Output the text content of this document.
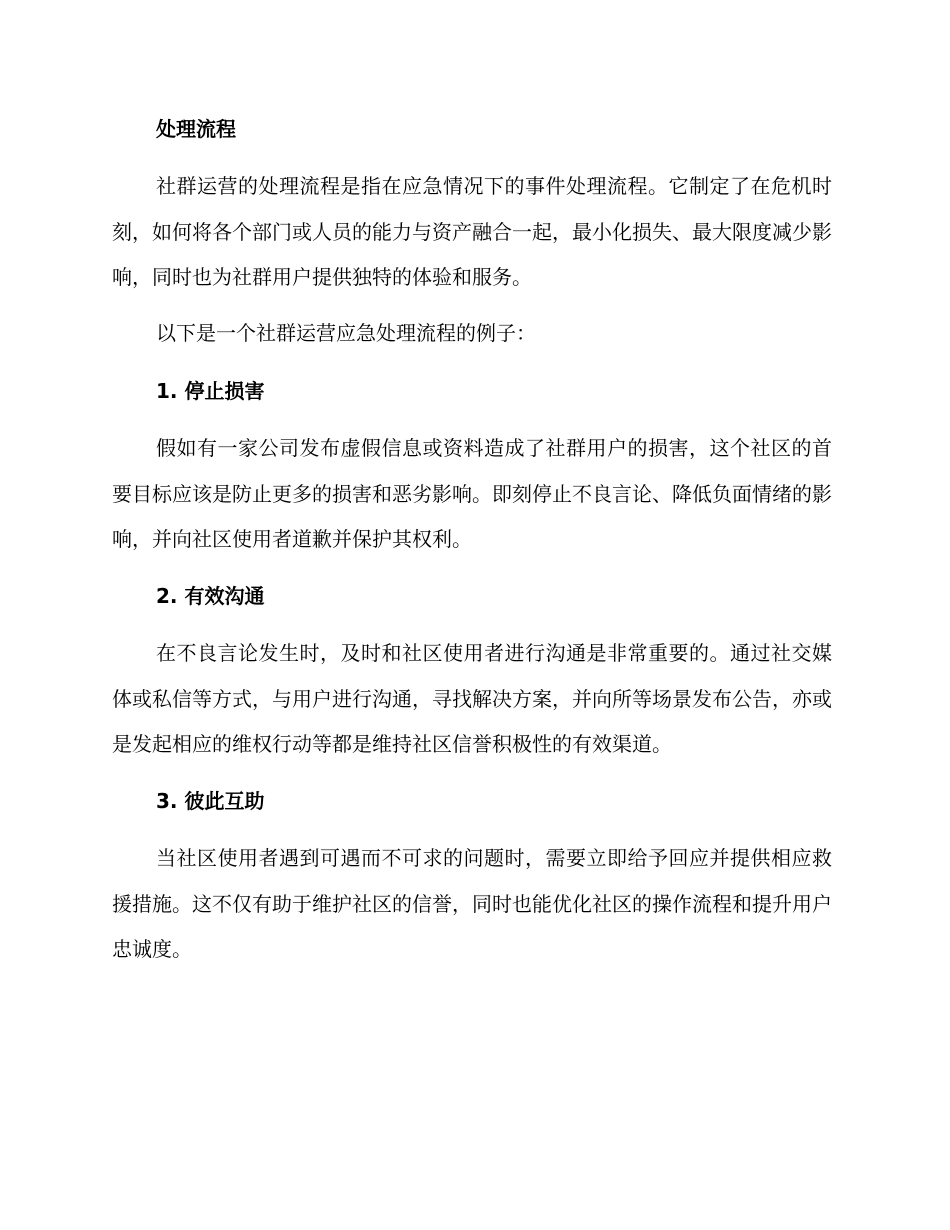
处理流程

社群运营的处理流程是指在应急情况下的事件处理流程。它制定了在危机时刻，如何将各个部门或人员的能力与资产融合一起，最小化损失、最大限度减少影响，同时也为社群用户提供独特的体验和服务。

以下是一个社群运营应急处理流程的例子：

1. 停止损害

假如有一家公司发布虚假信息或资料造成了社群用户的损害，这个社区的首要目标应该是防止更多的损害和恶劣影响。即刻停止不良言论、降低负面情绪的影响，并向社区使用者道歉并保护其权利。

2. 有效沟通

在不良言论发生时，及时和社区使用者进行沟通是非常重要的。通过社交媒体或私信等方式，与用户进行沟通，寻找解决方案，并向所等场景发布公告，亦或是发起相应的维权行动等都是维持社区信誉积极性的有效渠道。

3. 彼此互助

当社区使用者遇到可遇而不可求的问题时，需要立即给予回应并提供相应救援措施。这不仅有助于维护社区的信誉，同时也能优化社区的操作流程和提升用户忠诚度。
